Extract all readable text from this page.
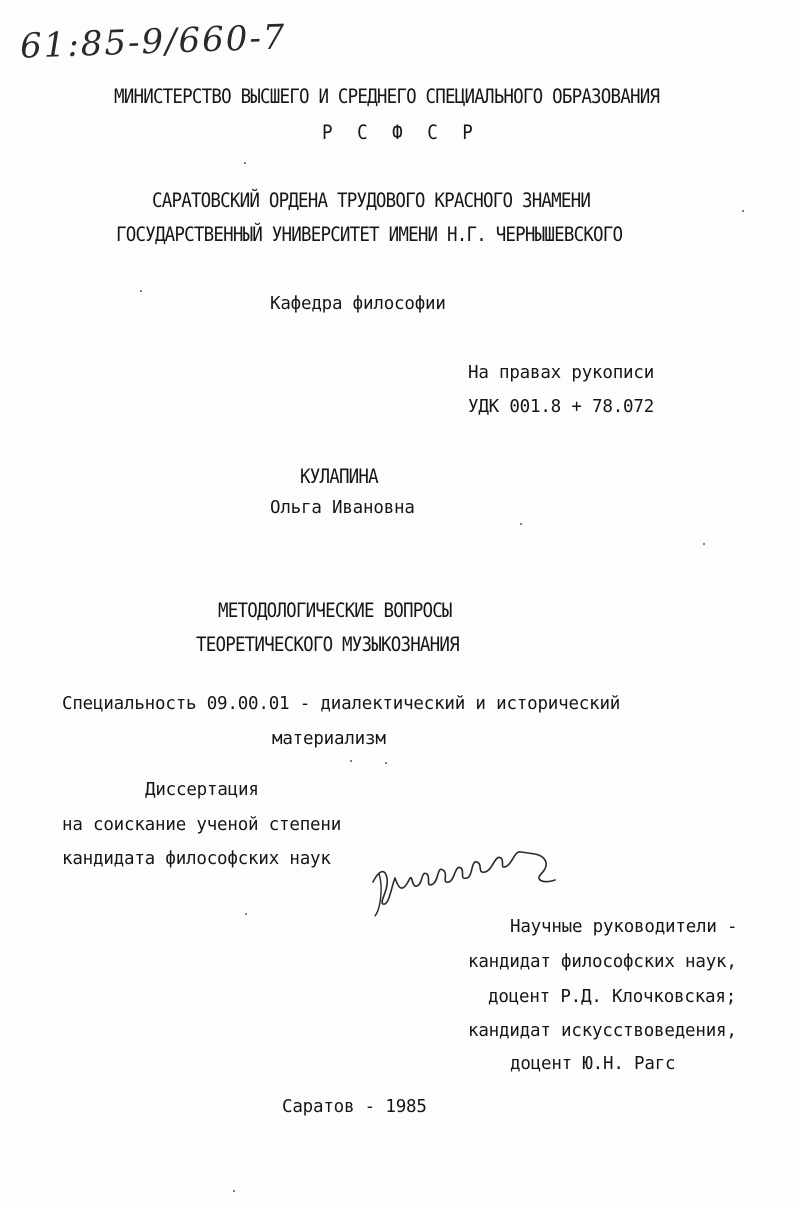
61:85-9/660-7
МИНИСТЕРСТВО ВЫСШЕГО И СРЕДНЕГО СПЕЦИАЛЬНОГО ОБРАЗОВАНИЯ
Р С Ф С Р
САРАТОВСКИЙ ОРДЕНА ТРУДОВОГО КРАСНОГО ЗНАМЕНИ
ГОСУДАРСТВЕННЫЙ УНИВЕРСИТЕТ ИМЕНИ Н.Г. ЧЕРНЫШЕВСКОГО
Кафедра философии
На правах рукописи
УДК 001.8 + 78.072
КУЛАПИНА
Ольга Ивановна
МЕТОДОЛОГИЧЕСКИЕ ВОПРОСЫ
ТЕОРЕТИЧЕСКОГО МУЗЫКОЗНАНИЯ
Специальность 09.00.01 - диалектический и исторический
материализм
Диссертация
на соискание ученой степени
кандидата философских наук
Научные руководители -
кандидат философских наук,
доцент Р.Д. Клочковская;
кандидат искусствоведения,
доцент Ю.Н. Рагс
Саратов - 1985
